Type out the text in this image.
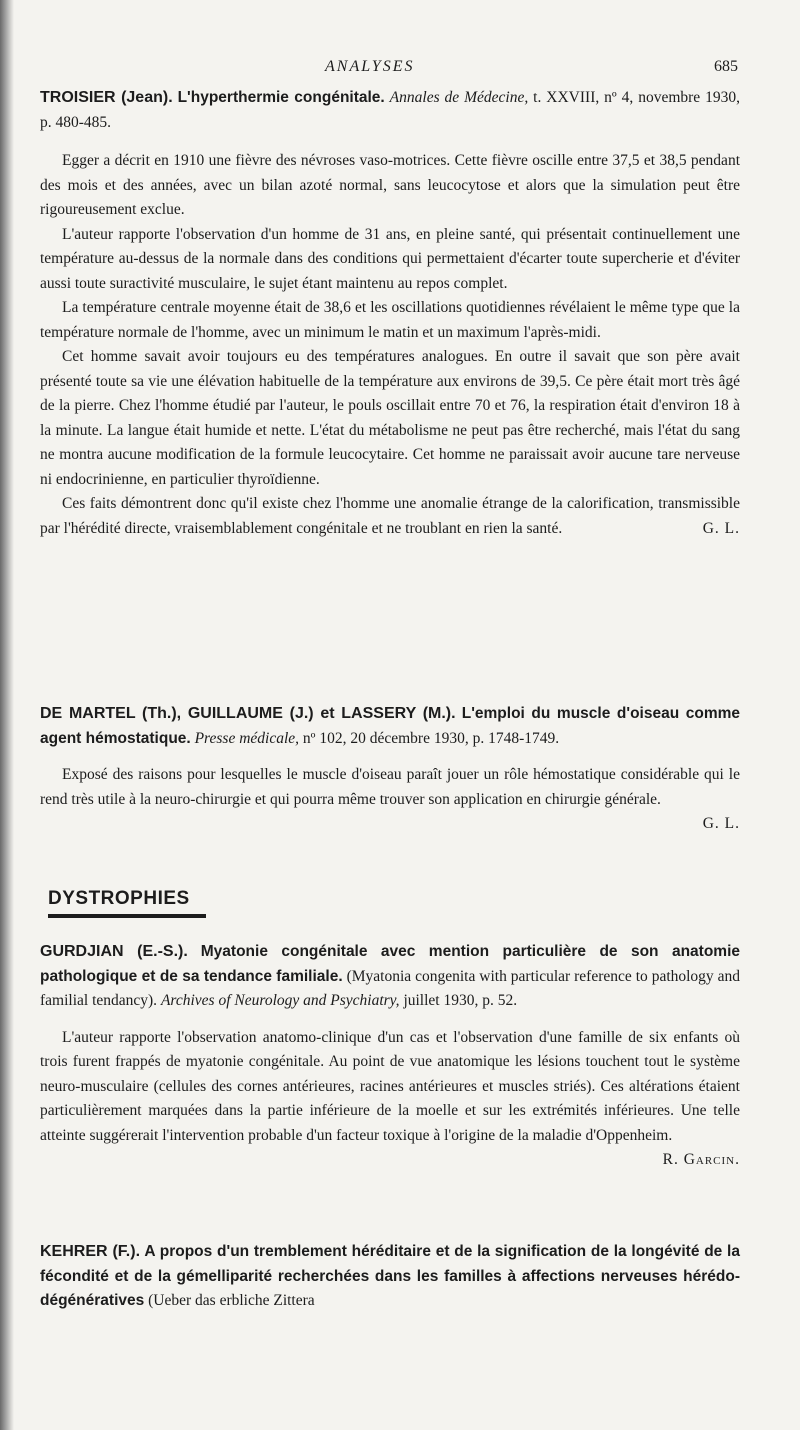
ANALYSES	685

TROISIER (Jean). L'hyperthermie congénitale. Annales de Médecine, t. XXVIII, nº 4, novembre 1930, p. 480-485.

Egger a décrit en 1910 une fièvre des névroses vaso-motrices. Cette fièvre oscille entre 37,5 et 38,5 pendant des mois et des années, avec un bilan azoté normal, sans leucocytose et alors que la simulation peut être rigoureusement exclue.

L'auteur rapporte l'observation d'un homme de 31 ans, en pleine santé, qui présentait continuellement une température au-dessus de la normale dans des conditions qui permettaient d'écarter toute supercherie et d'éviter aussi toute suractivité musculaire, le sujet étant maintenu au repos complet.

La température centrale moyenne était de 38,6 et les oscillations quotidiennes révélaient le même type que la température normale de l'homme, avec un minimum le matin et un maximum l'après-midi.

Cet homme savait avoir toujours eu des températures analogues. En outre il savait que son père avait présenté toute sa vie une élévation habituelle de la température aux environs de 39,5. Ce père était mort très âgé de la pierre. Chez l'homme étudié par l'auteur, le pouls oscillait entre 70 et 76, la respiration était d'environ 18 à la minute. La langue était humide et nette. L'état du métabolisme ne peut pas être recherché, mais l'état du sang ne montra aucune modification de la formule leucocytaire. Cet homme ne paraissait avoir aucune tare nerveuse ni endocrinienne, en particulier thyroïdienne.

Ces faits démontrent donc qu'il existe chez l'homme une anomalie étrange de la calorification, transmissible par l'hérédité directe, vraisemblablement congénitale et ne troublant en rien la santé.	G. L.

DE MARTEL (Th.), GUILLAUME (J.) et LASSERY (M.). L'emploi du muscle d'oiseau comme agent hémostatique. Presse médicale, nº 102, 20 décembre 1930, p. 1748-1749.

Exposé des raisons pour lesquelles le muscle d'oiseau paraît jouer un rôle hémostatique considérable qui le rend très utile à la neuro-chirurgie et qui pourra même trouver son application en chirurgie générale.
G. L.

DYSTROPHIES

GURDJIAN (E.-S.). Myatonie congénitale avec mention particulière de son anatomie pathologique et de sa tendance familiale. (Myatonia congenita with particular reference to pathology and familial tendancy). Archives of Neurology and Psychiatry, juillet 1930, p. 52.

L'auteur rapporte l'observation anatomo-clinique d'un cas et l'observation d'une famille de six enfants où trois furent frappés de myatonie congénitale. Au point de vue anatomique les lésions touchent tout le système neuro-musculaire (cellules des cornes antérieures, racines antérieures et muscles striés). Ces altérations étaient particulièrement marquées dans la partie inférieure de la moelle et sur les extrémités inférieures. Une telle atteinte suggérerait l'intervention probable d'un facteur toxique à l'origine de la maladie d'Oppenheim.
R. Garcin.

KEHRER (F.). A propos d'un tremblement héréditaire et de la signification de la longévité de la fécondité et de la gémelliparité recherchées dans les familles à affections nerveuses hérédo-dégénératives (Ueber das erbliche Zittera
